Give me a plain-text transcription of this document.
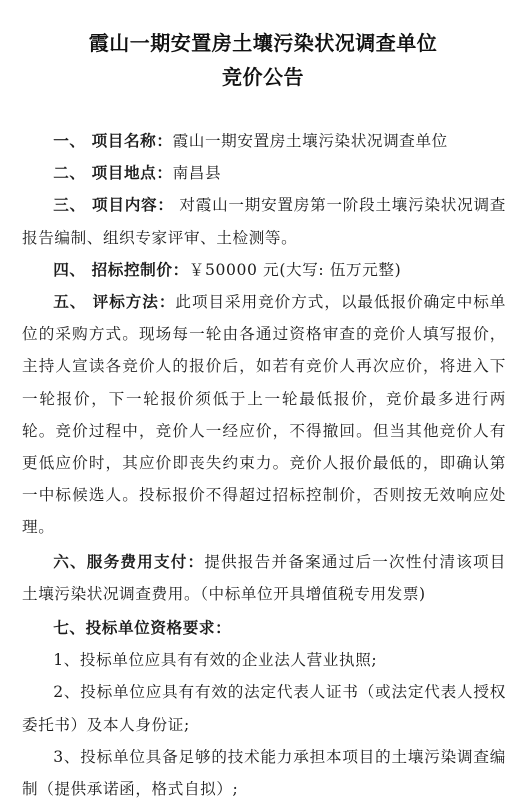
霞山一期安置房土壤污染状况调查单位
竞价公告

一、 项目名称：霞山一期安置房土壤污染状况调查单位

二、 项目地点：南昌县

三、 项目内容： 对霞山一期安置房第一阶段土壤污染状况调查报告编制、组织专家评审、土检测等。

四、 招标控制价：￥50000 元(大写: 伍万元整)

五、 评标方法：此项目采用竞价方式，以最低报价确定中标单位的采购方式。现场每一轮由各通过资格审查的竞价人填写报价，主持人宣读各竞价人的报价后，如若有竞价人再次应价，将进入下一轮报价，下一轮报价须低于上一轮最低报价，竞价最多进行两轮。竞价过程中，竞价人一经应价，不得撤回。但当其他竞价人有更低应价时，其应价即丧失约束力。竞价人报价最低的，即确认第一中标候选人。投标报价不得超过招标控制价，否则按无效响应处理。

六、服务费用支付：提供报告并备案通过后一次性付清该项目土壤污染状况调查费用。（中标单位开具增值税专用发票)

七、投标单位资格要求：

1、投标单位应具有有效的企业法人营业执照;

2、投标单位应具有有效的法定代表人证书（或法定代表人授权委托书）及本人身份证;

3、投标单位具备足够的技术能力承担本项目的土壤污染调查编制（提供承诺函，格式自拟）;
